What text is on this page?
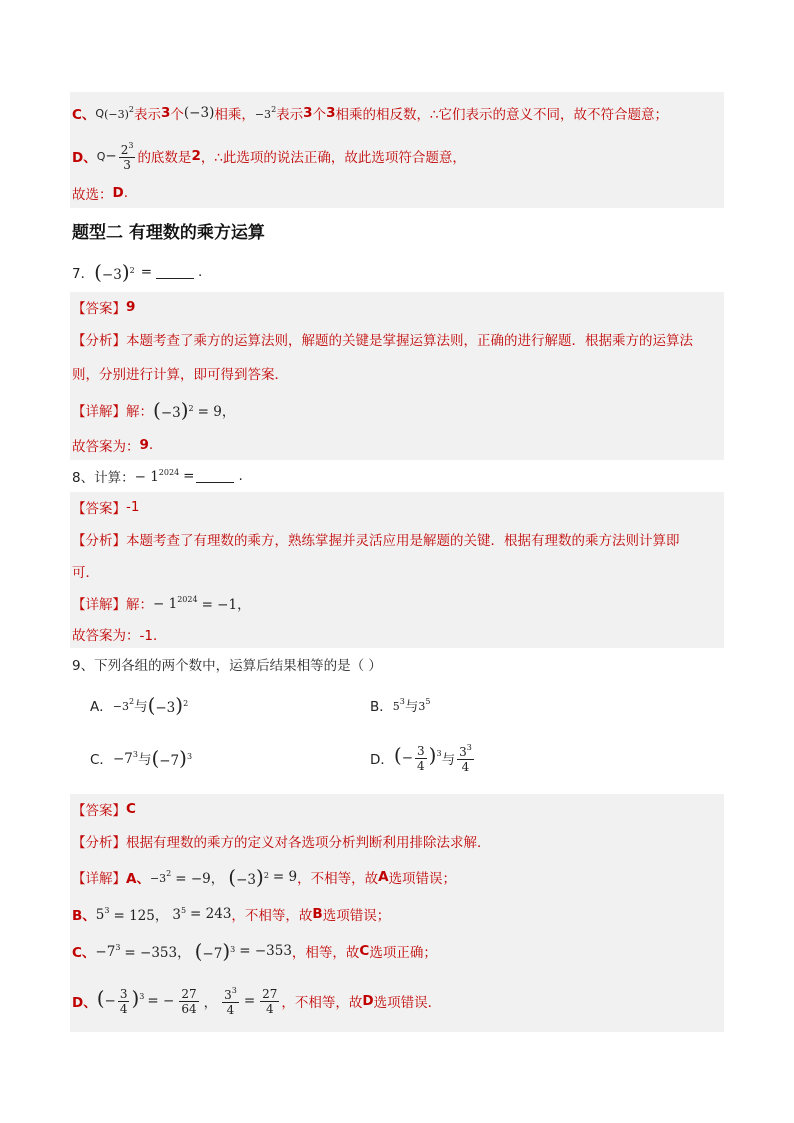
C、 Q $(-3)^2$ 表示 3 个 (−3) 相乘， $-3^2$ 表示 3 个 3 相乘的相反数，∴它们表示的意义不同，故不符合题意；
D、 $Q - \frac{2^3}{3}$ 的底数是 2 ，∴此选项的说法正确，故此选项符合题意，
故选： D .
题型二 有理数的乘方运算
7． $(-3)^2$ =	.
【答案】 9
【分析】 本题考查了乘方的运算法则，解题的关键是掌握运算法则，正确的进行解题．根据乘方的运算法
则，分别进行计算，即可得到答案．
【详解】 解： $(-3)^2 = 9$，
故答案为： 9 .
8、 计算： − $1^{2024}$ =	.
【答案】 -1
【分析】 本题考查了有理数的乘方，熟练掌握并灵活应用是解题的关键．根据有理数的乘方法则计算即
可．
【详解】 解： − $1^{2024} = -1$，
故答案为：-1．
9、下列各组的两个数中，运算后结果相等的是（ ）
A． $-3^2$ 与 $(-3)^2$	B． $5^3$ 与 $3^5$
C． $-7^3$ 与 $(-7)^3$	D． (− $\frac{3}{4} )^3$ 与 $\frac{3^3}{4}$
【答案】 C
【分析】 根据有理数的乘方的定义对各选项分析判断利用排除法求解．
【详解】 A、 $-3^2 = -9$， $(-3)^2 = 9$ ，不相等，故 A 选项错误；
B、 $5^3 = 125$， $3^5 = 243$ ，不相等，故 B 选项错误；
C、 $-7^3 = -353$， $(-7)^3 = -353$ ，相等，故 C 选项正确；
D、 (− $\frac{3}{4} )^3$ = − $\frac{27}{64}$ ， $\frac{3^3}{4} = \frac{27}{4}$ ，不相等，故 D 选项错误．
